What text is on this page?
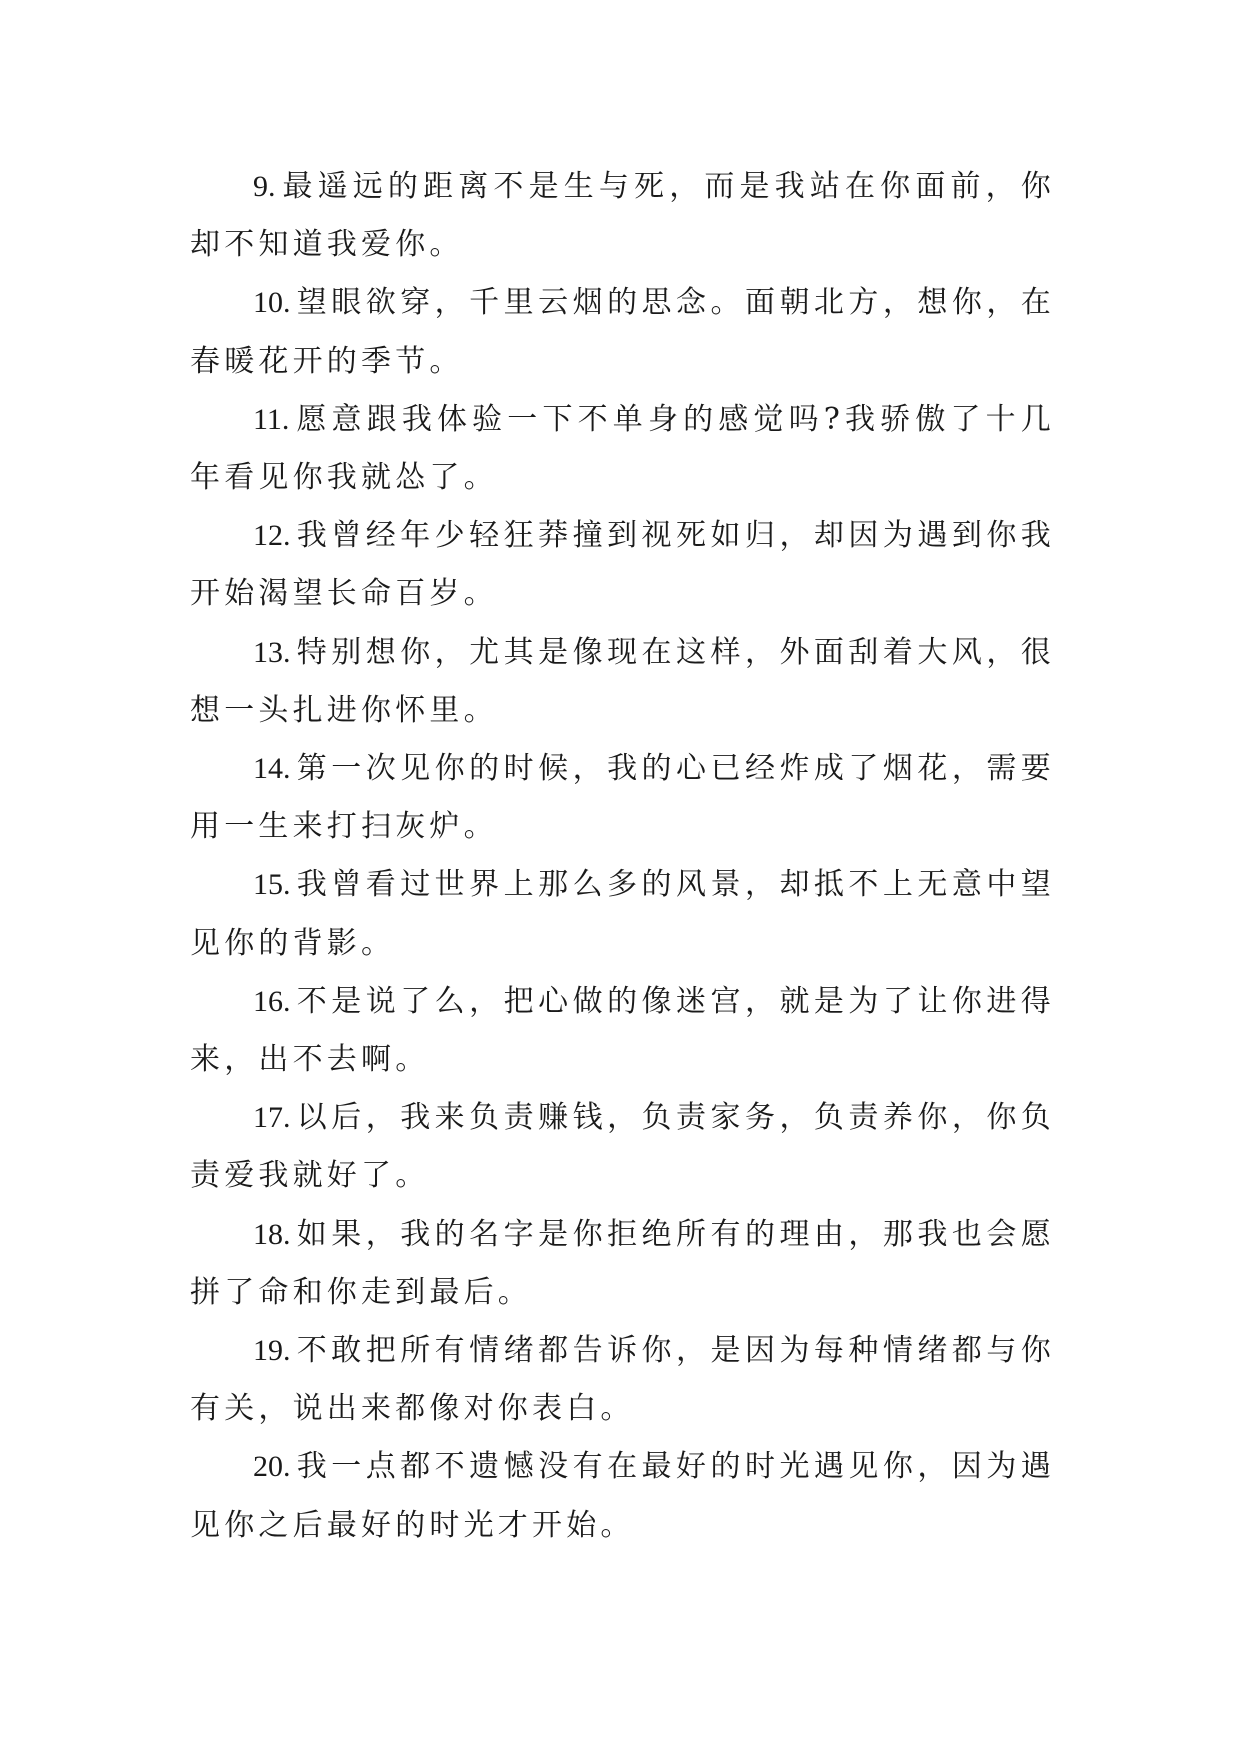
9. 最遥远的距离不是生与死，而是我站在你面前，你却不知道我爱你。

10. 望眼欲穿，千里云烟的思念。面朝北方，想你，在春暖花开的季节。

11. 愿意跟我体验一下不单身的感觉吗?我骄傲了十几年看见你我就怂了。

12. 我曾经年少轻狂莽撞到视死如归，却因为遇到你我开始渴望长命百岁。

13. 特别想你，尤其是像现在这样，外面刮着大风，很想一头扎进你怀里。

14. 第一次见你的时候，我的心已经炸成了烟花，需要用一生来打扫灰炉。

15. 我曾看过世界上那么多的风景，却抵不上无意中望见你的背影。

16. 不是说了么，把心做的像迷宫，就是为了让你进得来，出不去啊。

17. 以后，我来负责赚钱，负责家务，负责养你，你负责爱我就好了。

18. 如果，我的名字是你拒绝所有的理由，那我也会愿拼了命和你走到最后。

19. 不敢把所有情绪都告诉你，是因为每种情绪都与你有关，说出来都像对你表白。

20. 我一点都不遗憾没有在最好的时光遇见你，因为遇见你之后最好的时光才开始。
